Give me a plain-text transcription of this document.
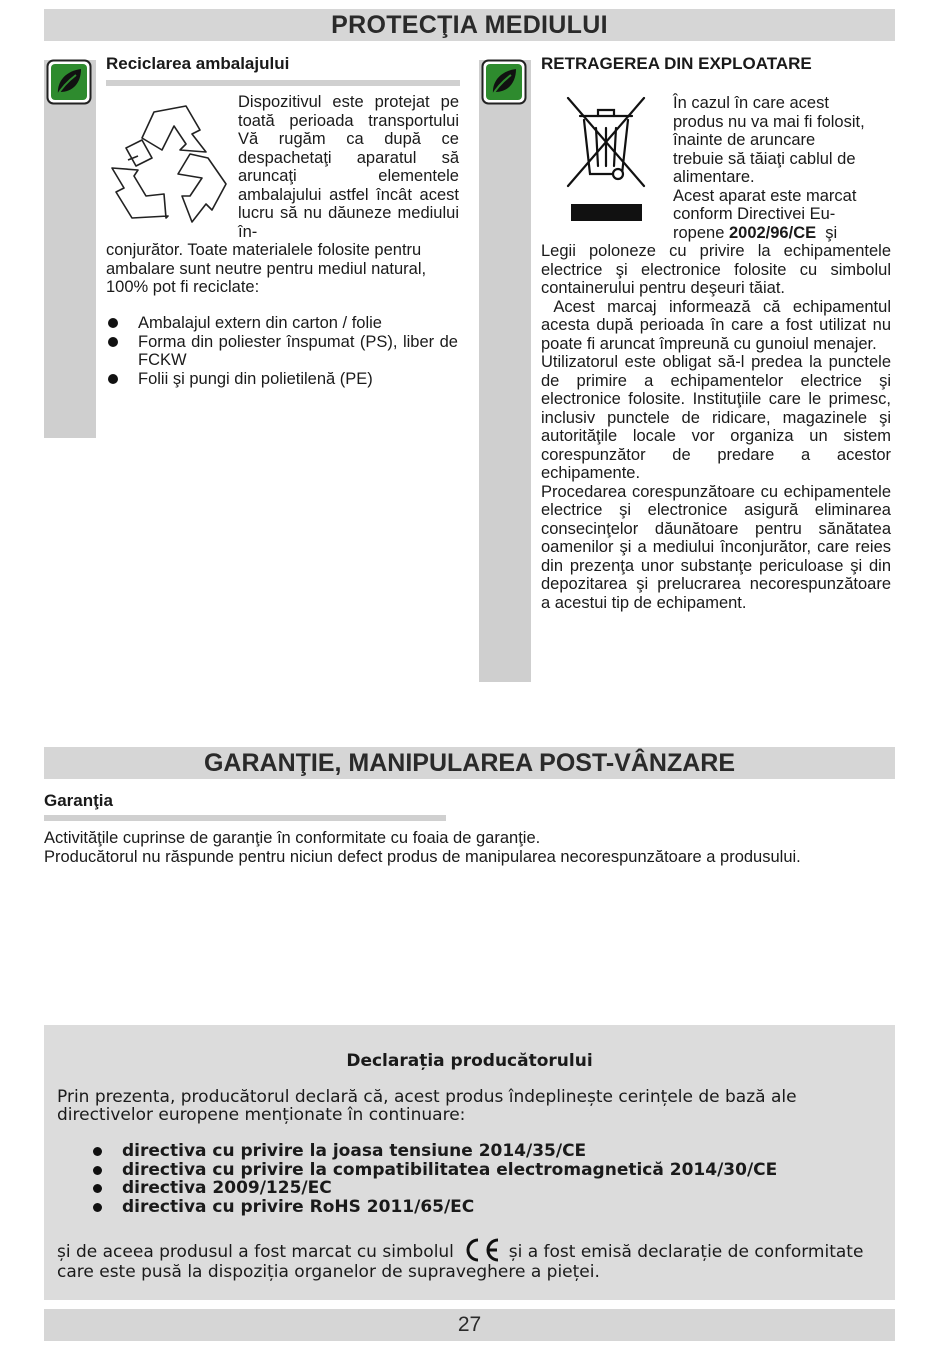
PROTECŢIA MEDIULUI
Reciclarea ambalajului

Dispozitivul este protejat pe toată perioada transportului Vă rugăm ca după ce despachetaţi aparatul să aruncaţi elementele ambalajului astfel încât acest lucru să nu dăuneze mediului în-

conjurător. Toate materialele folosite pentru ambalare sunt neutre pentru mediul natural, 100% pot fi reciclate:

Ambalajul extern din carton / folie
Forma din poliester înspumat (PS), liber de FCKW
Folii şi pungi din polietilenă (PE)
RETRAGEREA DIN EXPLOATARE
În cazul în care acest
produs nu va mai fi folosit,
înainte de aruncare
trebuie să tăiaţi cablul de
alimentare.
Acest aparat este marcat
conform Directivei Eu-
ropene 2002/96/CE  şi

Legii poloneze cu privire la echipamentele electrice şi electronice folosite cu simbolul containerului pentru deşeuri tăiat.

Acest marcaj informează că echipamentul acesta după perioada în care a fost utilizat nu poate fi aruncat împreună cu gunoiul menajer.

Utilizatorul este obligat să-l predea la punctele de primire a echipamentelor electrice şi electronice folosite. Instituţiile care le primesc, inclusiv punctele de ridicare, magazinele şi autorităţile locale vor organiza un sistem corespunzător de predare a acestor echipamente.

Procedarea corespunzătoare cu echipamentele electrice şi electronice asigură eliminarea consecinţelor dăunătoare pentru sănătatea oamenilor şi a mediului înconjurător, care reies din prezenţa unor substanţe periculoase şi din depozitarea şi prelucrarea necorespunzătoare a acestui tip de echipament.

GARANŢIE, MANIPULAREA POST-VÂNZARE
Garanţia
Activităţile cuprinse de garanţie în conformitate cu foaia de garanţie.
Producătorul nu răspunde pentru niciun defect produs de manipularea necorespunzătoare a produsului.
Declarația producătorului

Prin prezenta, producătorul declară că, acest produs îndeplinește cerințele de bază ale directivelor europene menționate în continuare:

directiva cu privire la joasa tensiune 2014/35/CE
directiva cu privire la compatibilitatea electromagnetică 2014/30/CE
directiva 2009/125/EC
directiva cu privire RoHS 2011/65/EC

și de aceea produsul a fost marcat cu simbolul	și a fost emisă declarație de conformitate care este pusă la dispoziția organelor de supraveghere a pieței.

27
